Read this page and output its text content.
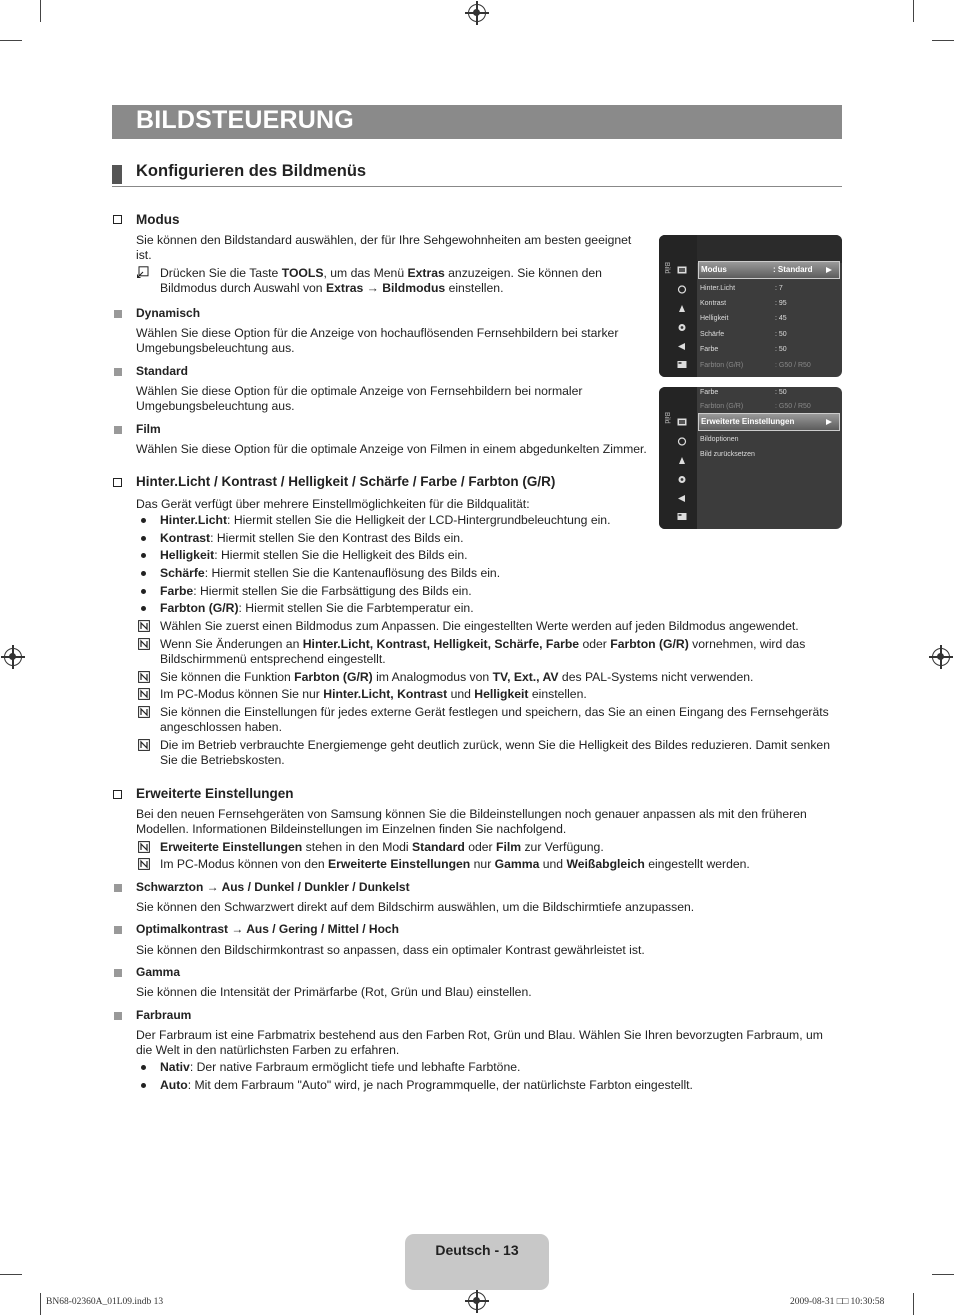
BILDSTEUERUNG
Konfigurieren des Bildmenüs
Modus
Sie können den Bildstandard auswählen, der für Ihre Sehgewohnheiten am besten geeignet
ist.
Drücken Sie die Taste TOOLS, um das Menü Extras anzuzeigen. Sie können den
Bildmodus durch Auswahl von Extras → Bildmodus einstellen.
Dynamisch
Wählen Sie diese Option für die Anzeige von hochauflösenden Fernsehbildern bei starker
Umgebungsbeleuchtung aus.
Standard
Wählen Sie diese Option für die optimale Anzeige von Fernsehbildern bei normaler
Umgebungsbeleuchtung aus.
Film
Wählen Sie diese Option für die optimale Anzeige von Filmen in einem abgedunkelten Zimmer.
Hinter.Licht / Kontrast / Helligkeit / Schärfe / Farbe / Farbton (G/R)
Das Gerät verfügt über mehrere Einstellmöglichkeiten für die Bildqualität:
Hinter.Licht: Hiermit stellen Sie die Helligkeit der LCD-Hintergrundbeleuchtung ein.
Kontrast: Hiermit stellen Sie den Kontrast des Bilds ein.
Helligkeit: Hiermit stellen Sie die Helligkeit des Bilds ein.
Schärfe: Hiermit stellen Sie die Kantenauflösung des Bilds ein.
Farbe: Hiermit stellen Sie die Farbsättigung des Bilds ein.
Farbton (G/R): Hiermit stellen Sie die Farbtemperatur ein.
Wählen Sie zuerst einen Bildmodus zum Anpassen. Die eingestellten Werte werden auf jeden Bildmodus angewendet.
Wenn Sie Änderungen an Hinter.Licht, Kontrast, Helligkeit, Schärfe, Farbe oder Farbton (G/R) vornehmen, wird das
Bildschirmmenü entsprechend eingestellt.
Sie können die Funktion Farbton (G/R) im Analogmodus von TV, Ext., AV des PAL-Systems nicht verwenden.
Im PC-Modus können Sie nur Hinter.Licht, Kontrast und Helligkeit einstellen.
Sie können die Einstellungen für jedes externe Gerät festlegen und speichern, das Sie an einen Eingang des Fernsehgeräts
angeschlossen haben.
Die im Betrieb verbrauchte Energiemenge geht deutlich zurück, wenn Sie die Helligkeit des Bildes reduzieren. Damit senken
Sie die Betriebskosten.
Erweiterte Einstellungen
Bei den neuen Fernsehgeräten von Samsung können Sie die Bildeinstellungen noch genauer anpassen als mit den früheren
Modellen. Informationen Bildeinstellungen im Einzelnen finden Sie nachfolgend.
Erweiterte Einstellungen stehen in den Modi Standard oder Film zur Verfügung.
Im PC-Modus können von den Erweiterte Einstellungen nur Gamma und Weißabgleich eingestellt werden.
Schwarzton → Aus / Dunkel / Dunkler / Dunkelst
Sie können den Schwarzwert direkt auf dem Bildschirm auswählen, um die Bildschirmtiefe anzupassen.
Optimalkontrast → Aus / Gering / Mittel / Hoch
Sie können den Bildschirmkontrast so anpassen, dass ein optimaler Kontrast gewährleistet ist.
Gamma
Sie können die Intensität der Primärfarbe (Rot, Grün und Blau) einstellen.
Farbraum
Der Farbraum ist eine Farbmatrix bestehend aus den Farben Rot, Grün und Blau. Wählen Sie Ihren bevorzugten Farbraum, um
die Welt in den natürlichsten Farben zu erfahren.
Nativ: Der native Farbraum ermöglicht tiefe und lebhafte Farbtöne.
Auto: Mit dem Farbraum "Auto" wird, je nach Programmquelle, der natürlichste Farbton eingestellt.
Bild	Modus	: Standard
Hinter.Licht	: 7
Kontrast	: 95
Helligkeit	: 45
Schärfe	: 50
Farbe	: 50
Farbton (G/R)	: G50 / R50
Bild
Farbe	: 50
Farbton (G/R)	: G50 / R50
Erweiterte Einstellungen
Bildoptionen
Bild zurücksetzen
Deutsch - 13
BN68-02360A_01L09.indb 13	2009-08-31 □□ 10:30:58
